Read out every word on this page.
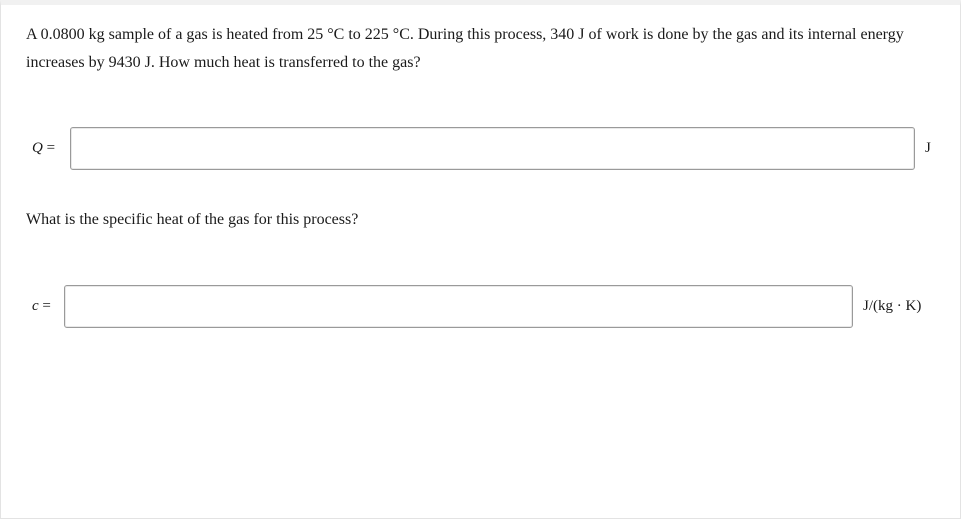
A 0.0800 kg sample of a gas is heated from 25 °C to 225 °C. During this process, 340 J of work is done by the gas and its internal energy increases by 9430 J. How much heat is transferred to the gas?

Q =	J

What is the specific heat of the gas for this process?

c =	J/(kg · K)
